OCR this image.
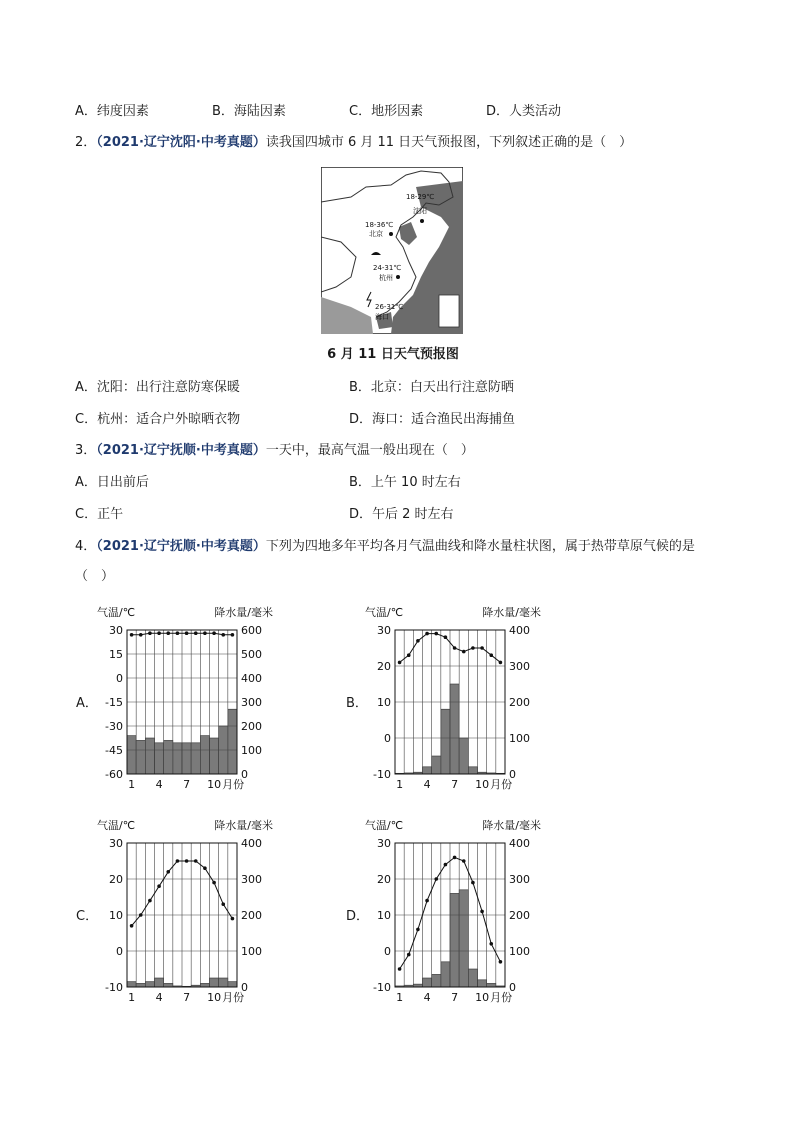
A．纬度因素	B．海陆因素	C．地形因素	D．人类活动
2．（2021·辽宁沈阳·中考真题）读我国四城市 6 月 11 日天气预报图，下列叙述正确的是（　）
18-29℃
沈阳
18-36℃
北京
24-31℃
杭州
26-31℃
海口
6 月 11 日天气预报图
A．沈阳：出行注意防寒保暖	B．北京：白天出行注意防晒
C．杭州：适合户外晾晒衣物	D．海口：适合渔民出海捕鱼
3．（2021·辽宁抚顺·中考真题）一天中，最高气温一般出现在（　）
A．日出前后	B．上午 10 时左右
C．正午	D．午后 2 时左右
4．（2021·辽宁抚顺·中考真题）下列为四地多年平均各月气温曲线和降水量柱状图，属于热带草原气候的是
（　）
A．
气温/℃	降水量/毫米
30	600
15	500
0	400
-15	300
-30	200
-45	100
-60	0
1 4 7 10 月份
B．
气温/℃	降水量/毫米
30	400
20	300
10	200
0	100
-10	0
1 4 7 10 月份
C．
气温/℃	降水量/毫米
30	400
20	300
10	200
0	100
-10	0
1 4 7 10 月份
D．
气温/℃	降水量/毫米
30	400
20	300
10	200
0	100
-10	0
1 4 7 10 月份
